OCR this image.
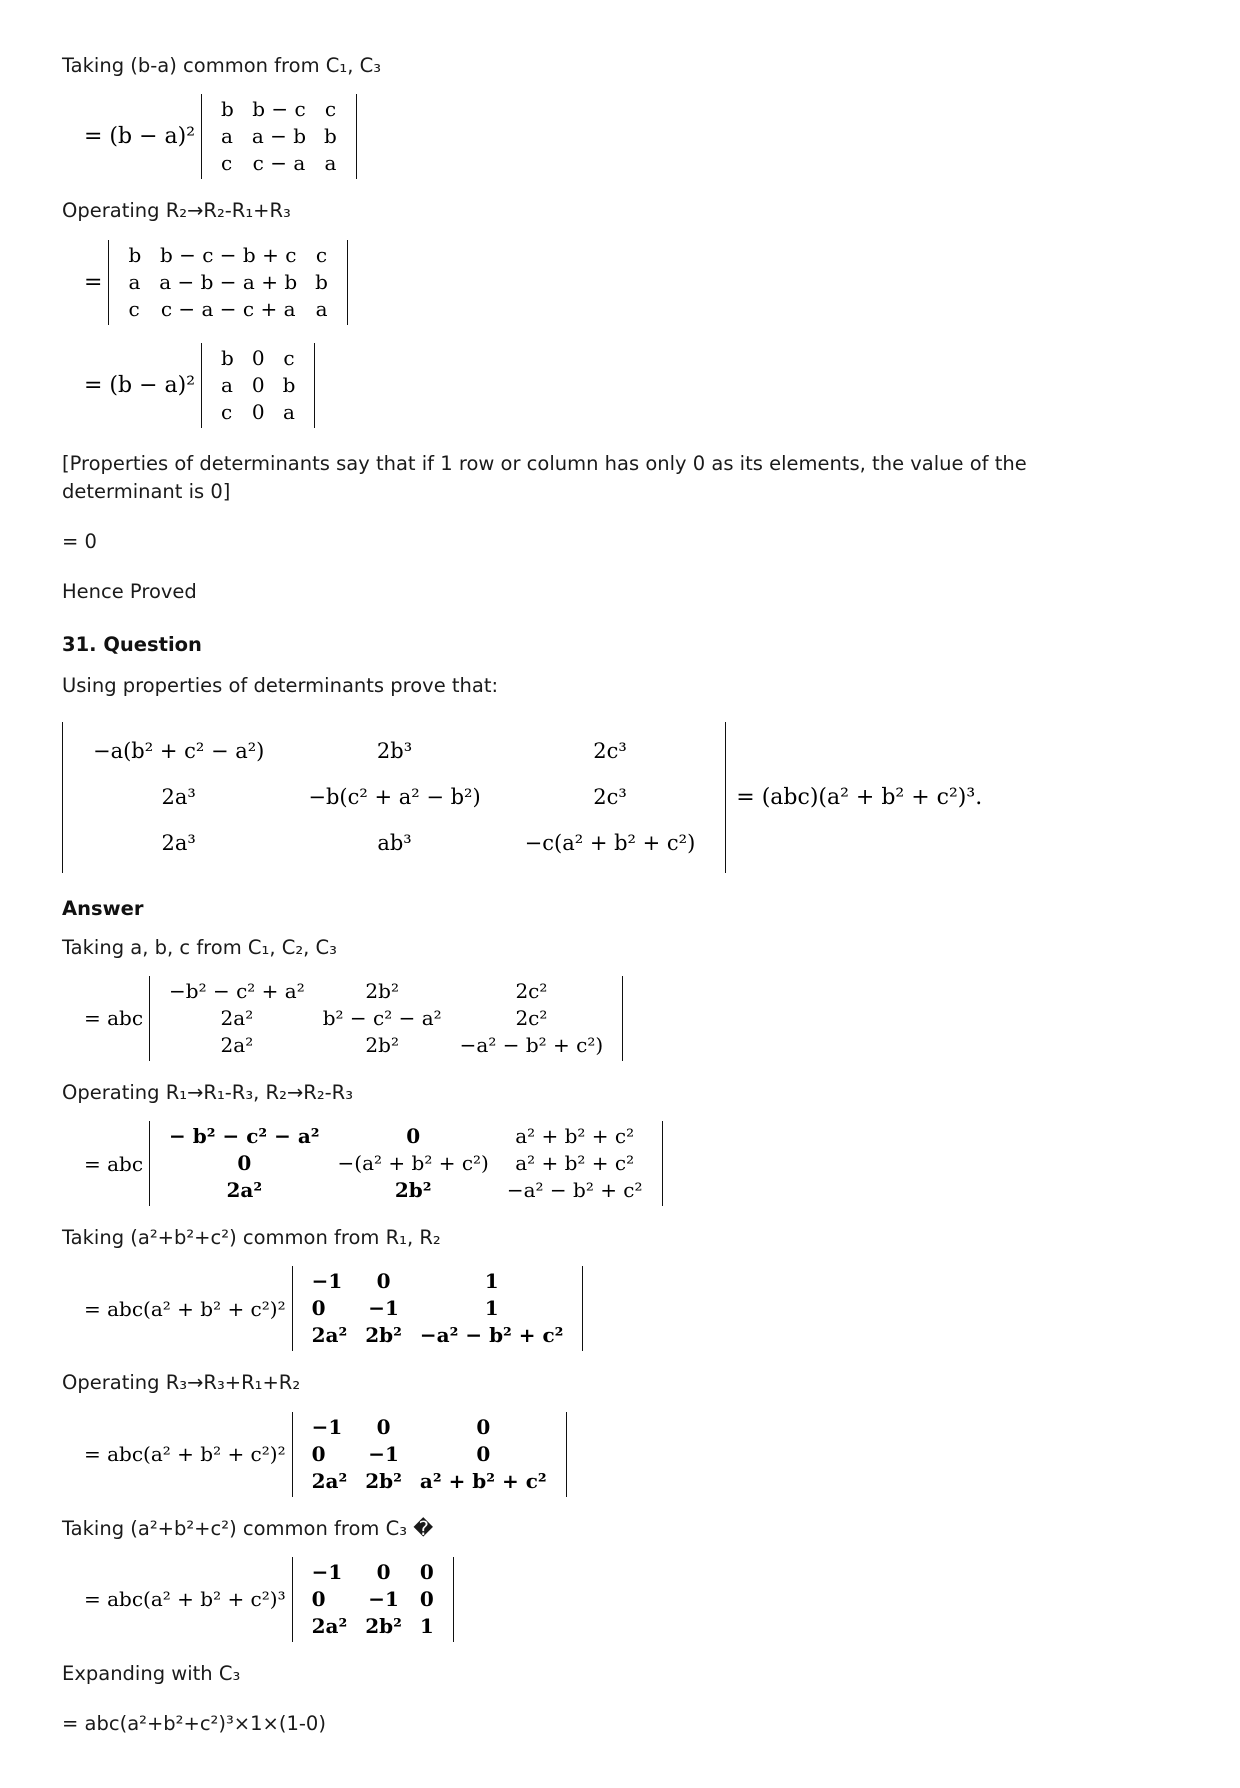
Taking (b-a) common from C₁, C₃

= (b − a)²
b	b − c	c
a	a − b	b
c	c − a	a

Operating R₂→R₂-R₁+R₃

=
b	b − c − b + c	c
a	a − b − a + b	b
c	c − a − c + a	a
= (b − a)²
b	0	c
a	0	b
c	0	a

[Properties of determinants say that if 1 row or column has only 0 as its elements, the value of the determinant is 0]

= 0

Hence Proved

31. Question

Using properties of determinants prove that:

−a(b² + c² − a²)	2b³	2c³
2a³	−b(c² + a² − b²)	2c³
2a³	ab³	−c(a² + b² + c²)
= (abc)(a² + b² + c²)³.
Answer

Taking a, b, c from C₁, C₂, C₃

= abc
−b² − c² + a²	2b²	2c²
2a²	b² − c² − a²	2c²
2a²	2b²	−a² − b² + c²)

Operating R₁→R₁-R₃, R₂→R₂-R₃

= abc
− b² − c² − a²	0	a² + b² + c²
0	−(a² + b² + c²)	a² + b² + c²
2a²	2b²	−a² − b² + c²

Taking (a²+b²+c²) common from R₁, R₂

= abc(a² + b² + c²)²
−1	0	1
0	−1	1
2a²	2b²	−a² − b² + c²

Operating R₃→R₃+R₁+R₂

= abc(a² + b² + c²)²
−1	0	0
0	−1	0
2a²	2b²	a² + b² + c²

Taking (a²+b²+c²) common from C₃ �

= abc(a² + b² + c²)³
−1	0	0
0	−1	0
2a²	2b²	1

Expanding with C₃

= abc(a²+b²+c²)³×1×(1-0)
